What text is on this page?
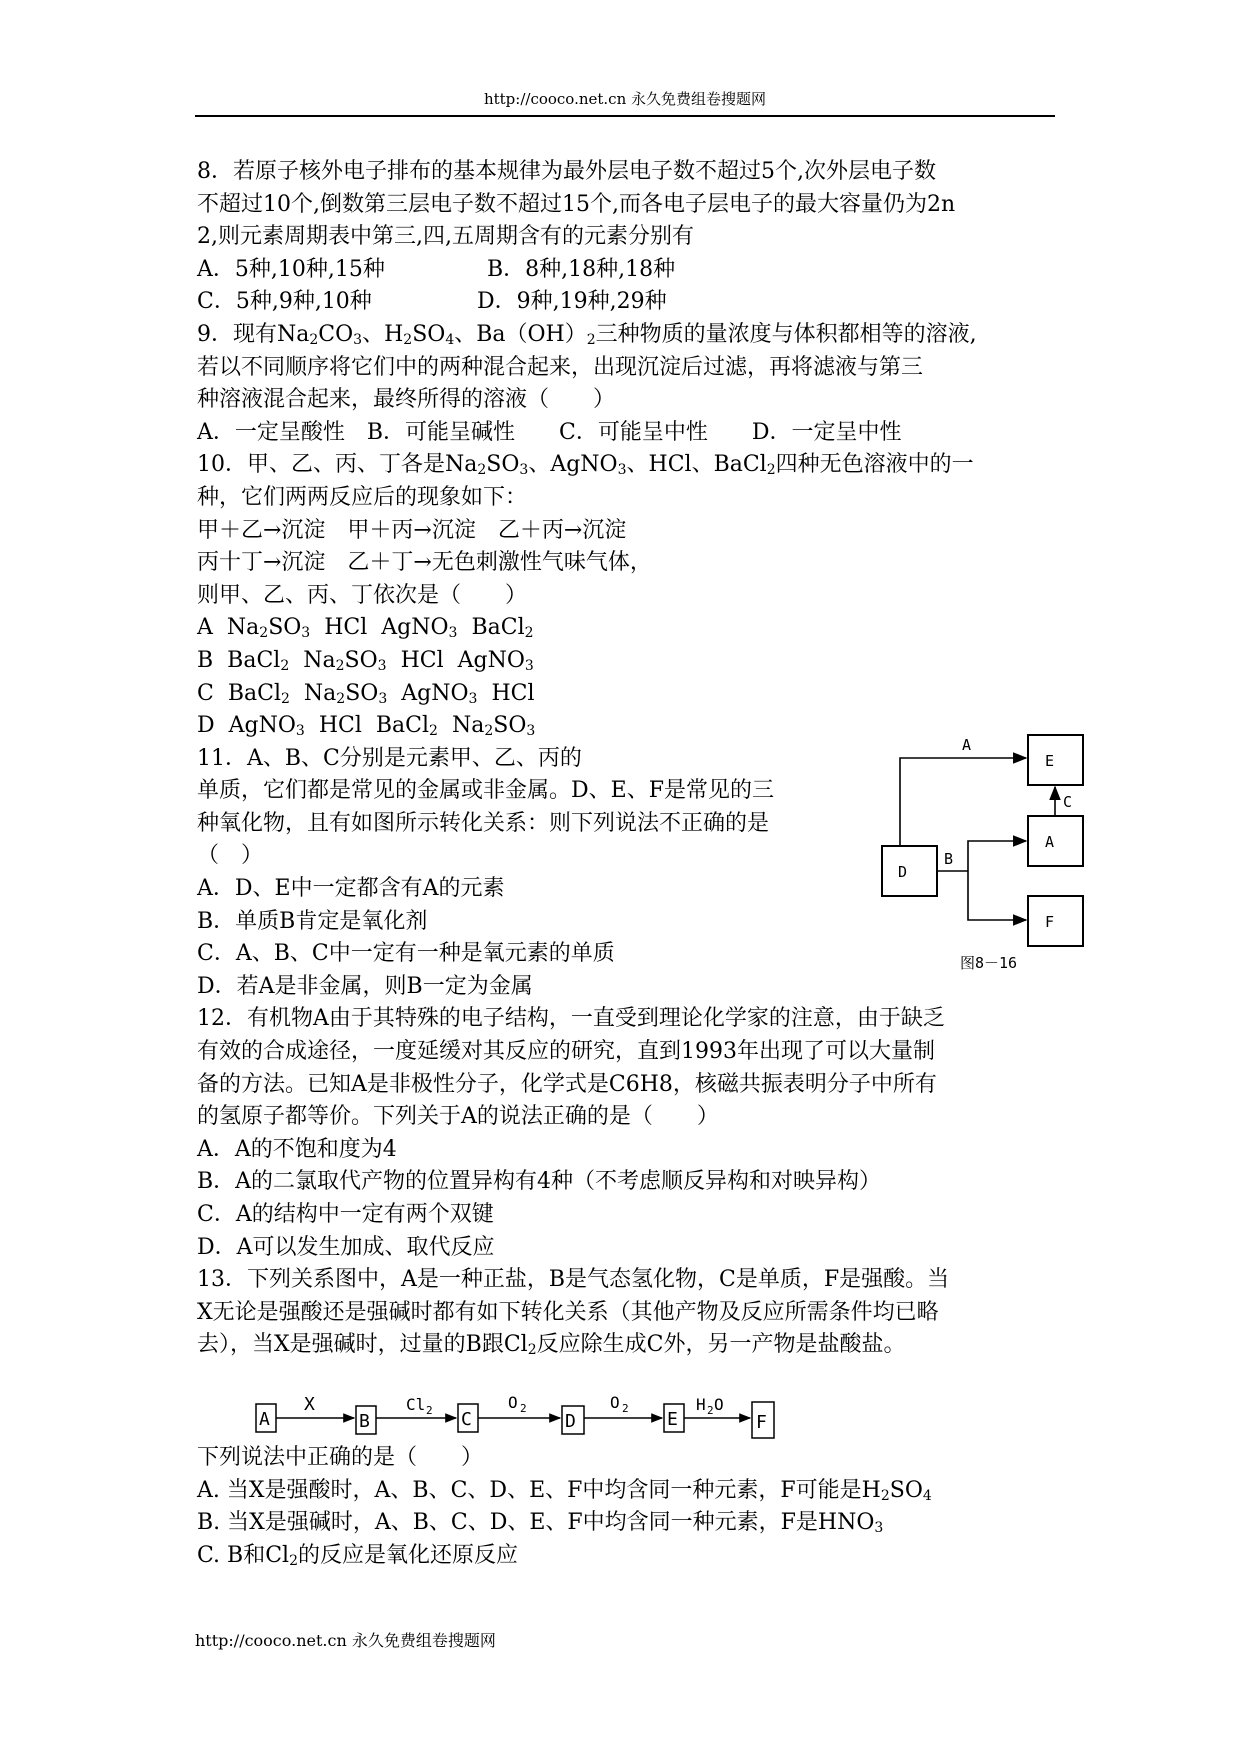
http://cooco.net.cn 永久免费组卷搜题网
8．若原子核外电子排布的基本规律为最外层电子数不超过5个,次外层电子数
不超过10个,倒数第三层电子数不超过15个,而各电子层电子的最大容量仍为2n
2,则元素周期表中第三,四,五周期含有的元素分别有
A．5种,10种,15种	B．8种,18种,18种
C．5种,9种,10种	D．9种,19种,29种
9．现有$Na_2CO_3$、$H_2SO_4$、$Ba(OH)_2$三种物质的量浓度与体积都相等的溶液,
若以不同顺序将它们中的两种混合起来，出现沉淀后过滤，再将滤液与第三
种溶液混合起来，最终所得的溶液（　　）
A．一定呈酸性　B．可能呈碱性　　C．可能呈中性　　D．一定呈中性
10．甲、乙、丙、丁各是$Na_2SO_3$、AgNO$_3$、HCl、BaCl$_2$四种无色溶液中的一
种，它们两两反应后的现象如下：
甲＋乙→沉淀　甲＋丙→沉淀　乙＋丙→沉淀
丙十丁→沉淀　乙＋丁→无色刺激性气味气体，
则甲、乙、丙、丁依次是（　　）
A $Na_2SO_3$ HCl AgNO$_3$ BaCl$_2$
B BaCl$_2$ $Na_2SO_3$ HCl AgNO$_3$
C BaCl$_2$ $Na_2SO_3$ AgNO$_3$ HCl
D AgNO$_3$ HCl BaCl$_2$ $Na_2SO_3$
11．A、B、C分别是元素甲、乙、丙的
单质，它们都是常见的金属或非金属。D、E、F是常见的三
种氧化物，且有如图所示转化关系：则下列说法不正确的是
（　）
A．D、E中一定都含有A的元素
B．单质B肯定是氧化剂
C．A、B、C中一定有一种是氧元素的单质
D．若A是非金属，则B一定为金属
12．有机物A由于其特殊的电子结构，一直受到理论化学家的注意，由于缺乏
有效的合成途径，一度延缓对其反应的研究，直到1993年出现了可以大量制
备的方法。已知A是非极性分子，化学式是C6H8，核磁共振表明分子中所有
的氢原子都等价。下列关于A的说法正确的是（　　）
A．A的不饱和度为4
B．A的二氯取代产物的位置异构有4种（不考虑顺反异构和对映异构）
C．A的结构中一定有两个双键
D．A可以发生加成、取代反应
13．下列关系图中，A是一种正盐，B是气态氢化物，C是单质，F是强酸。当
X无论是强酸还是强碱时都有如下转化关系（其他产物及反应所需条件均已略
去），当X是强碱时，过量的B跟$Cl_2$反应除生成C外，另一产物是盐酸盐。
下列说法中正确的是（　　）
A. 当X是强酸时，A、B、C、D、E、F中均含同一种元素，F可能是$H_2SO_4$
B. 当X是强碱时，A、B、C、D、E、F中均含同一种元素，F是$HNO_3$
C. B和$Cl_2$的反应是氧化还原反应
A
E
C
A
D
B
F
图8－16
A	B	C	D	E	F
X	Cl 2	O 2	O 2	H 2 O
http://cooco.net.cn 永久免费组卷搜题网
